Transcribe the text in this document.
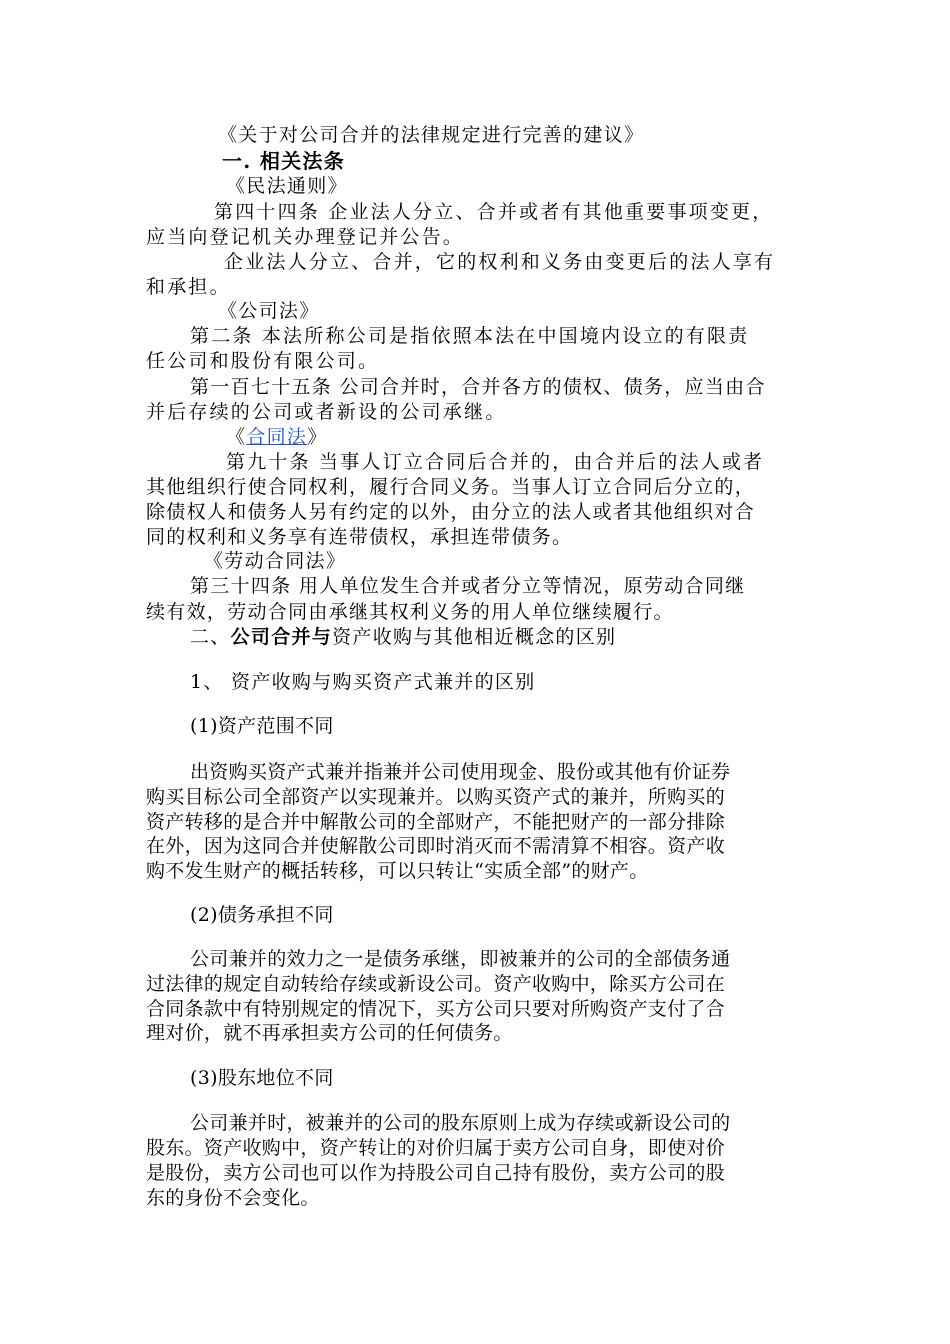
《关于对公司合并的法律规定进行完善的建议》
一. 相关法条
《民法通则》
第四十四条 企业法人分立、合并或者有其他重要事项变更，
应当向登记机关办理登记并公告。
企业法人分立、合并，它的权利和义务由变更后的法人享有
和承担。
《公司法》
第二条 本法所称公司是指依照本法在中国境内设立的有限责
任公司和股份有限公司。
第一百七十五条 公司合并时，合并各方的债权、债务，应当由合
并后存续的公司或者新设的公司承继。
《合同法》
第九十条 当事人订立合同后合并的，由合并后的法人或者
其他组织行使合同权利，履行合同义务。当事人订立合同后分立的，
除债权人和债务人另有约定的以外，由分立的法人或者其他组织对合
同的权利和义务享有连带债权，承担连带债务。
《劳动合同法》
第三十四条 用人单位发生合并或者分立等情况，原劳动合同继
续有效，劳动合同由承继其权利义务的用人单位继续履行。
二、公司合并与资产收购与其他相近概念的区别
1、 资产收购与购买资产式兼并的区别
(1)资产范围不同
出资购买资产式兼并指兼并公司使用现金、股份或其他有价证券
购买目标公司全部资产以实现兼并。以购买资产式的兼并，所购买的
资产转移的是合并中解散公司的全部财产，不能把财产的一部分排除
在外，因为这同合并使解散公司即时消灭而不需清算不相容。资产收
购不发生财产的概括转移，可以只转让“实质全部”的财产。
(2)债务承担不同
公司兼并的效力之一是债务承继，即被兼并的公司的全部债务通
过法律的规定自动转给存续或新设公司。资产收购中，除买方公司在
合同条款中有特别规定的情况下，买方公司只要对所购资产支付了合
理对价，就不再承担卖方公司的任何债务。
(3)股东地位不同
公司兼并时，被兼并的公司的股东原则上成为存续或新设公司的
股东。资产收购中，资产转让的对价归属于卖方公司自身，即使对价
是股份，卖方公司也可以作为持股公司自己持有股份，卖方公司的股
东的身份不会变化。
